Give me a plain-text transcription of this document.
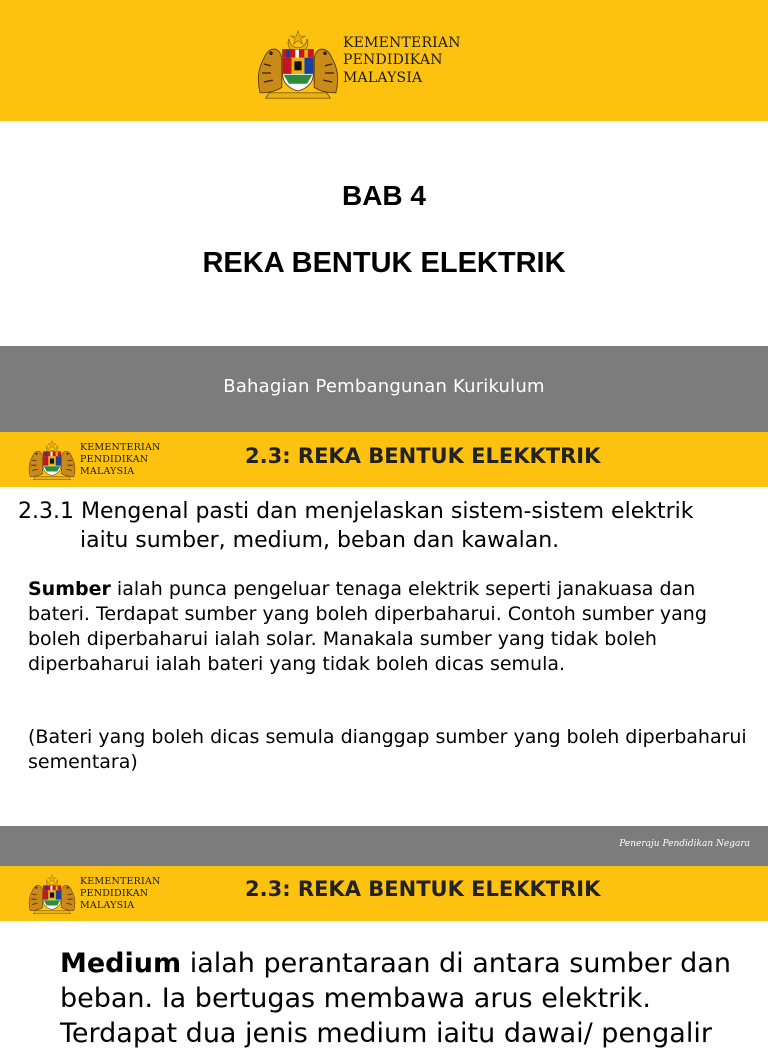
KEMENTERIAN
PENDIDIKAN
MALAYSIA
BAB 4
REKA BENTUK ELEKTRIK
Bahagian Pembangunan Kurikulum
KEMENTERIAN
PENDIDIKAN
MALAYSIA
2.3: REKA BENTUK ELEKKTRIK
2.3.1 Mengenal pasti dan menjelaskan sistem-sistem elektrik
iaitu sumber, medium, beban dan kawalan.
Sumber ialah punca pengeluar tenaga elektrik seperti janakuasa dan bateri. Terdapat sumber yang boleh diperbaharui. Contoh sumber yang boleh diperbaharui ialah solar. Manakala sumber yang tidak boleh diperbaharui ialah bateri yang tidak boleh dicas semula.
(Bateri yang boleh dicas semula dianggap sumber yang boleh diperbaharui sementara)
Peneraju Pendidikan Negara
KEMENTERIAN
PENDIDIKAN
MALAYSIA
2.3: REKA BENTUK ELEKKTRIK
Medium ialah perantaraan di antara sumber dan beban. Ia bertugas membawa arus elektrik. Terdapat dua jenis medium iaitu dawai/ pengalir
